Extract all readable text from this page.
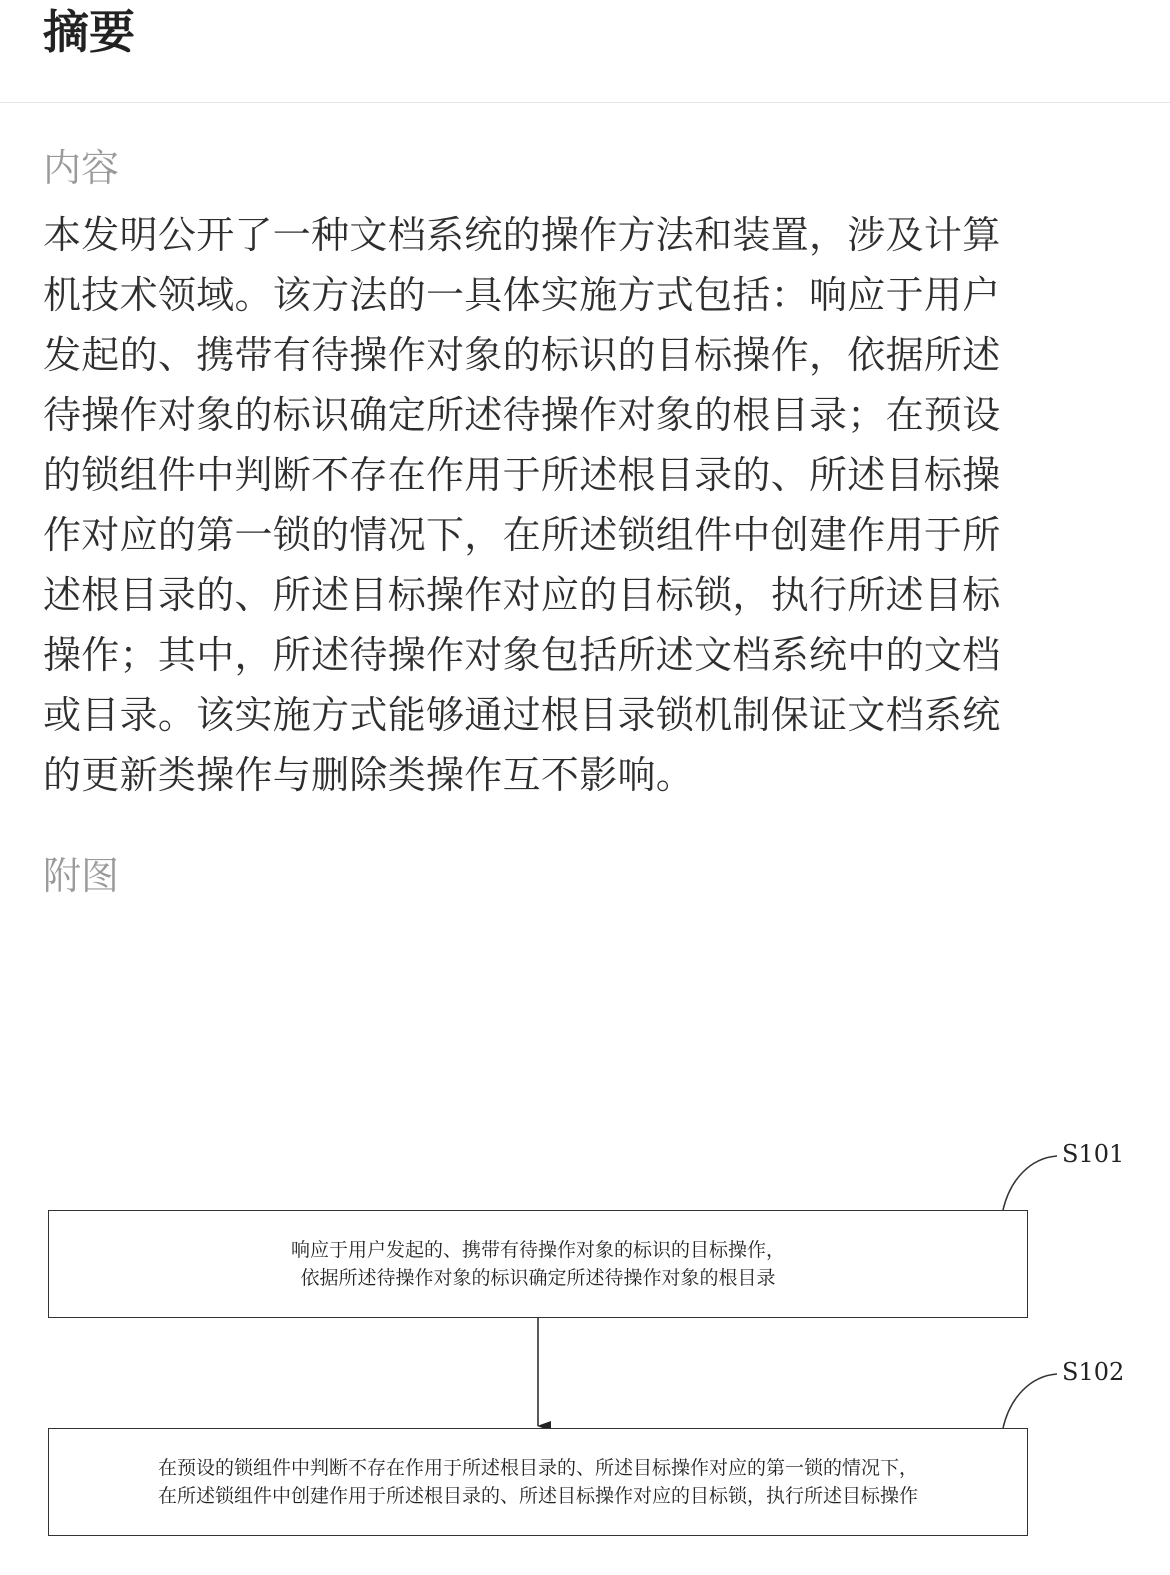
摘要
内容

本发明公开了一种文档系统的操作方法和装置，涉及计算
机技术领域。该方法的一具体实施方式包括：响应于用户
发起的、携带有待操作对象的标识的目标操作，依据所述
待操作对象的标识确定所述待操作对象的根目录；在预设
的锁组件中判断不存在作用于所述根目录的、所述目标操
作对应的第一锁的情况下，在所述锁组件中创建作用于所
述根目录的、所述目标操作对应的目标锁，执行所述目标
操作；其中，所述待操作对象包括所述文档系统中的文档
或目录。该实施方式能够通过根目录锁机制保证文档系统
的更新类操作与删除类操作互不影响。

附图
S101
响应于用户发起的、携带有待操作对象的标识的目标操作，
依据所述待操作对象的标识确定所述待操作对象的根目录
S102
在预设的锁组件中判断不存在作用于所述根目录的、所述目标操作对应的第一锁的情况下，
在所述锁组件中创建作用于所述根目录的、所述目标操作对应的目标锁，执行所述目标操作
